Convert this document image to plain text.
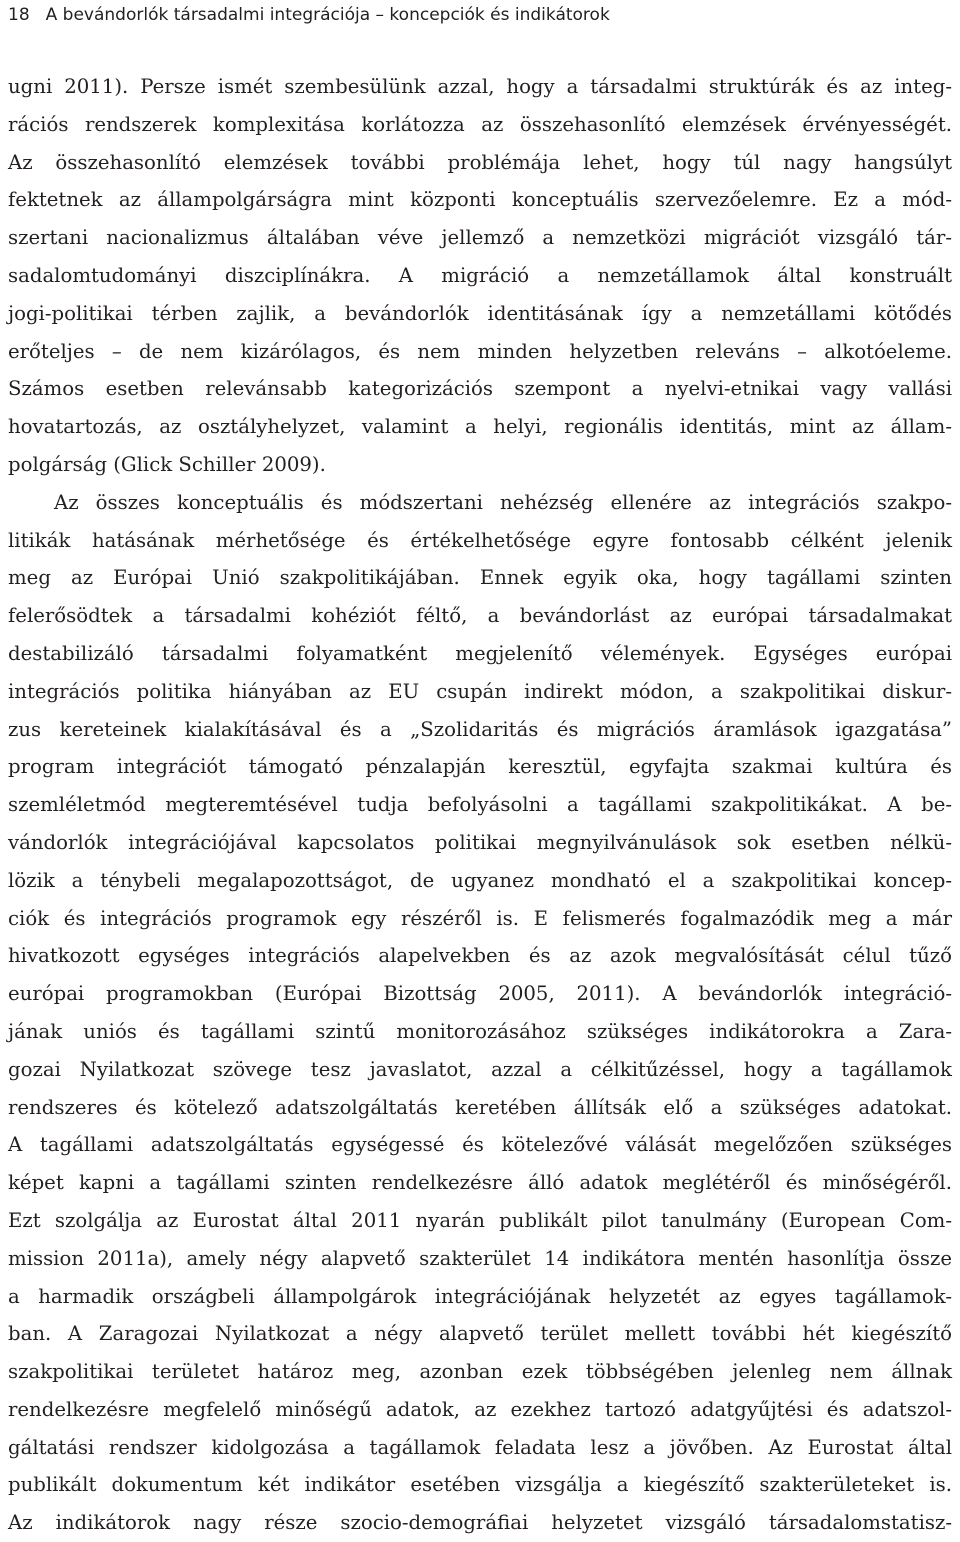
18 A bevándorlók társadalmi integrációja – koncepciók és indikátorok
ugni 2011). Persze ismét szembesülünk azzal, hogy a társadalmi struktúrák és az integ-
rációs rendszerek komplexitása korlátozza az összehasonlító elemzések érvényességét.
Az összehasonlító elemzések további problémája lehet, hogy túl nagy hangsúlyt
fektetnek az állampolgárságra mint központi konceptuális szervezőelemre. Ez a mód-
szertani nacionalizmus általában véve jellemző a nemzetközi migrációt vizsgáló tár-
sadalomtudományi diszciplínákra. A migráció a nemzetállamok által konstruált
jogi-politikai térben zajlik, a bevándorlók identitásának így a nemzetállami kötődés
erőteljes – de nem kizárólagos, és nem minden helyzetben releváns – alkotóeleme.
Számos esetben relevánsabb kategorizációs szempont a nyelvi-etnikai vagy vallási
hovatartozás, az osztályhelyzet, valamint a helyi, regionális identitás, mint az állam-
polgárság (Glick Schiller 2009).
Az összes konceptuális és módszertani nehézség ellenére az integrációs szakpo-
litikák hatásának mérhetősége és értékelhetősége egyre fontosabb célként jelenik
meg az Európai Unió szakpolitikájában. Ennek egyik oka, hogy tagállami szinten
felerősödtek a társadalmi kohéziót féltő, a bevándorlást az európai társadalmakat
destabilizáló társadalmi folyamatként megjelenítő vélemények. Egységes európai
integrációs politika hiányában az EU csupán indirekt módon, a szakpolitikai diskur-
zus kereteinek kialakításával és a „Szolidaritás és migrációs áramlások igazgatása”
program integrációt támogató pénzalapján keresztül, egyfajta szakmai kultúra és
szemléletmód megteremtésével tudja befolyásolni a tagállami szakpolitikákat. A be-
vándorlók integrációjával kapcsolatos politikai megnyilvánulások sok esetben nélkü-
lözik a ténybeli megalapozottságot, de ugyanez mondható el a szakpolitikai koncep-
ciók és integrációs programok egy részéről is. E felismerés fogalmazódik meg a már
hivatkozott egységes integrációs alapelvekben és az azok megvalósítását célul tűző
európai programokban (Európai Bizottság 2005, 2011). A bevándorlók integráció-
jának uniós és tagállami szintű monitorozásához szükséges indikátorokra a Zara-
gozai Nyilatkozat szövege tesz javaslatot, azzal a célkitűzéssel, hogy a tagállamok
rendszeres és kötelező adatszolgáltatás keretében állítsák elő a szükséges adatokat.
A tagállami adatszolgáltatás egységessé és kötelezővé válását megelőzően szükséges
képet kapni a tagállami szinten rendelkezésre álló adatok meglétéről és minőségéről.
Ezt szolgálja az Eurostat által 2011 nyarán publikált pilot tanulmány (European Com-
mission 2011a), amely négy alapvető szakterület 14 indikátora mentén hasonlítja össze
a harmadik országbeli állampolgárok integrációjának helyzetét az egyes tagállamok-
ban. A Zaragozai Nyilatkozat a négy alapvető terület mellett további hét kiegészítő
szakpolitikai területet határoz meg, azonban ezek többségében jelenleg nem állnak
rendelkezésre megfelelő minőségű adatok, az ezekhez tartozó adatgyűjtési és adatszol-
gáltatási rendszer kidolgozása a tagállamok feladata lesz a jövőben. Az Eurostat által
publikált dokumentum két indikátor esetében vizsgálja a kiegészítő szakterületeket is.
Az indikátorok nagy része szocio-demográfiai helyzetet vizsgáló társadalomstatisz-
